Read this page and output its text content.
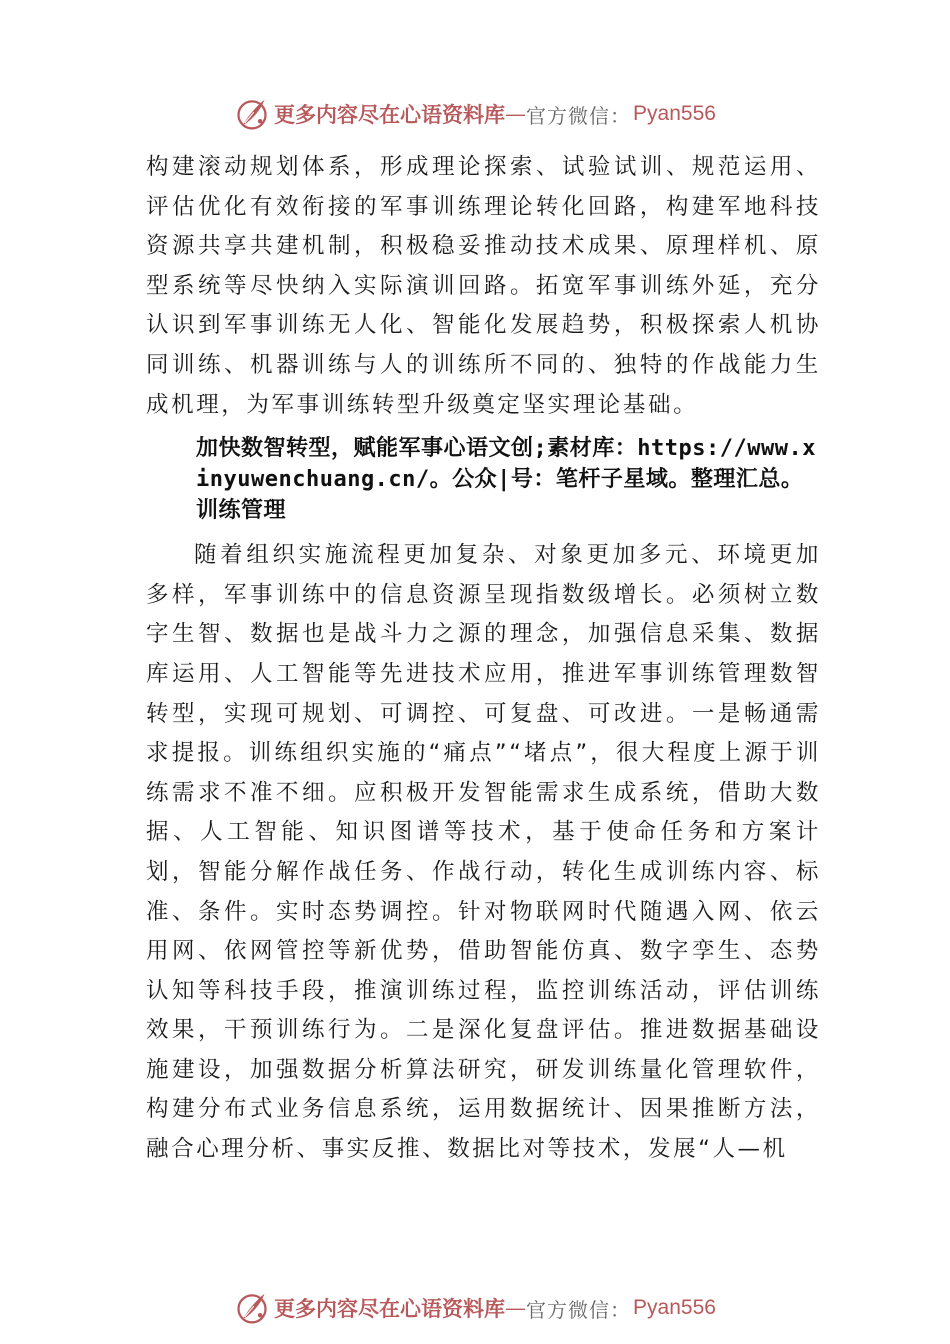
更多内容尽在心语资料库 — 官方微信： Pyan556

构建滚动规划体系，形成理论探索、试验试训、规范运用、 评估优化有效衔接的军事训练理论转化回路，构建军地科技资源共享共建机制，积极稳妥推动技术成果、原理样机、原型系统等尽快纳入实际演训回路。拓宽军事训练外延，充分认识到军事训练无人化、智能化发展趋势，积极探索人机协同训练、机器训练与人的训练所不同的、独特的作战能力生成机理，为军事训练转型升级奠定坚实理论基础。

加快数智转型，赋能军事心语文创;素材库：https://www.xinyuwenchuang.cn/。公众|号：笔杆子星域。整理汇总。训练管理

随着组织实施流程更加复杂、对象更加多元、环境更加多样，军事训练中的信息资源呈现指数级增长。必须树立数字生智、数据也是战斗力之源的理念，加强信息采集、数据库运用、人工智能等先进技术应用，推进军事训练管理数智转型，实现可规划、可调控、可复盘、可改进。一是畅通需求提报。训练组织实施的“痛点”“堵点”，很大程度上源于训练需求不准不细。应积极开发智能需求生成系统，借助大数据、人工智能、知识图谱等技术，基于使命任务和方案计划，智能分解作战任务、作战行动，转化生成训练内容、标准、条件。实时态势调控。针对物联网时代随遇入网、依云用网、依网管控等新优势，借助智能仿真、数字孪生、态势认知等科技手段，推演训练过程，监控训练活动，评估训练效果，干预训练行为。二是深化复盘评估。推进数据基础设施建设，加强数据分析算法研究，研发训练量化管理软件， 构建分布式业务信息系统，运用数据统计、因果推断方法， 融合心理分析、事实反推、数据比对等技术，发展“人—机

更多内容尽在心语资料库 — 官方微信： Pyan556
